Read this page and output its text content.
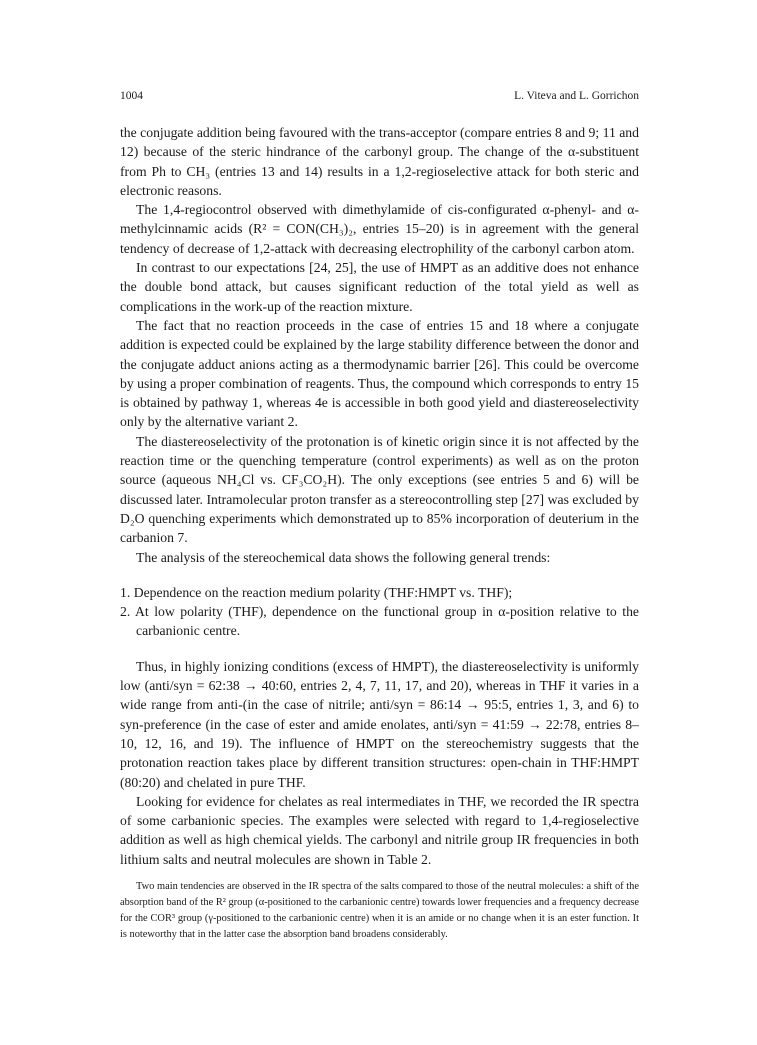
1004	L. Viteva and L. Gorrichon

the conjugate addition being favoured with the trans-acceptor (compare entries 8 and 9; 11 and 12) because of the steric hindrance of the carbonyl group. The change of the α-substituent from Ph to CH₃ (entries 13 and 14) results in a 1,2-regioselective attack for both steric and electronic reasons.

The 1,4-regiocontrol observed with dimethylamide of cis-configurated α-phenyl- and α-methylcinnamic acids (R² = CON(CH₃)₂, entries 15–20) is in agreement with the general tendency of decrease of 1,2-attack with decreasing electrophility of the carbonyl carbon atom.

In contrast to our expectations [24, 25], the use of HMPT as an additive does not enhance the double bond attack, but causes significant reduction of the total yield as well as complications in the work-up of the reaction mixture.

The fact that no reaction proceeds in the case of entries 15 and 18 where a conjugate addition is expected could be explained by the large stability difference between the donor and the conjugate adduct anions acting as a thermodynamic barrier [26]. This could be overcome by using a proper combination of reagents. Thus, the compound which corresponds to entry 15 is obtained by pathway 1, whereas 4e is accessible in both good yield and diastereoselectivity only by the alternative variant 2.

The diastereoselectivity of the protonation is of kinetic origin since it is not affected by the reaction time or the quenching temperature (control experiments) as well as on the proton source (aqueous NH₄Cl vs. CF₃CO₂H). The only exceptions (see entries 5 and 6) will be discussed later. Intramolecular proton transfer as a stereocontrolling step [27] was excluded by D₂O quenching experiments which demonstrated up to 85% incorporation of deuterium in the carbanion 7.

The analysis of the stereochemical data shows the following general trends:

1. Dependence on the reaction medium polarity (THF:HMPT vs. THF);
2. At low polarity (THF), dependence on the functional group in α-position relative to the carbanionic centre.

Thus, in highly ionizing conditions (excess of HMPT), the diastereoselectivity is uniformly low (anti/syn = 62:38 → 40:60, entries 2, 4, 7, 11, 17, and 20), whereas in THF it varies in a wide range from anti-(in the case of nitrile; anti/syn = 86:14 → 95:5, entries 1, 3, and 6) to syn-preference (in the case of ester and amide enolates, anti/syn = 41:59 → 22:78, entries 8–10, 12, 16, and 19). The influence of HMPT on the stereochemistry suggests that the protonation reaction takes place by different transition structures: open-chain in THF:HMPT (80:20) and chelated in pure THF.

Looking for evidence for chelates as real intermediates in THF, we recorded the IR spectra of some carbanionic species. The examples were selected with regard to 1,4-regioselective addition as well as high chemical yields. The carbonyl and nitrile group IR frequencies in both lithium salts and neutral molecules are shown in Table 2.

Two main tendencies are observed in the IR spectra of the salts compared to those of the neutral molecules: a shift of the absorption band of the R² group (α-positioned to the carbanionic centre) towards lower frequencies and a frequency decrease for the COR³ group (γ-positioned to the carbanionic centre) when it is an amide or no change when it is an ester function. It is noteworthy that in the latter case the absorption band broadens considerably.
